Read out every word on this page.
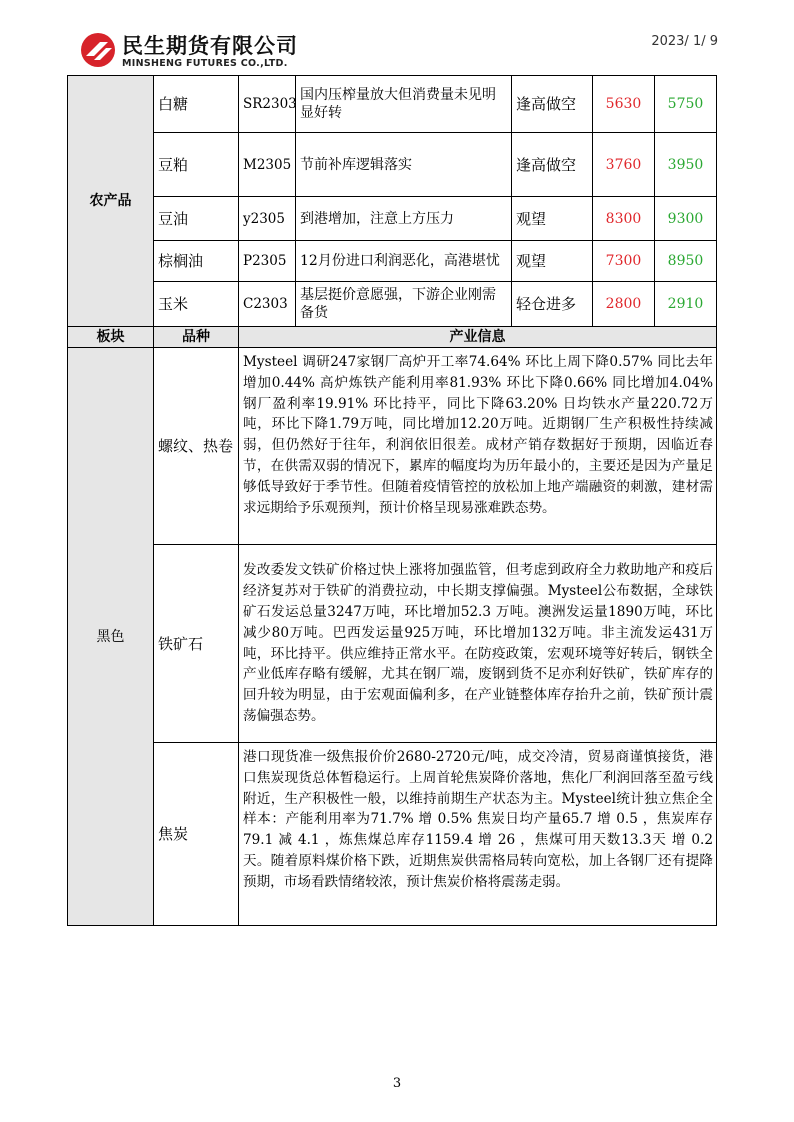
民生期货有限公司
MINSHENG FUTURES CO.,LTD.
2023/ 1/ 9
农产品	白糖	SR2303	国内压榨量放大但消费量未见明显好转	逢高做空	5630	5750
	豆粕	M2305	节前补库逻辑落实	逢高做空	3760	3950
	豆油	y2305	到港增加，注意上方压力	观望	8300	9300
	棕榈油	P2305	12月份进口利润恶化，高港堪忧	观望	7300	8950
	玉米	C2303	基层挺价意愿强，下游企业刚需备货	轻仓进多	2800	2910
板块	品种	产业信息				
黑色	螺纹、热卷	Mysteel 调研247家钢厂高炉开工率74.64% 环比上周下降0.57% 同比去年增加0.44% 高炉炼铁产能利用率81.93% 环比下降0.66% 同比增加4.04% 钢厂盈利率19.91% 环比持平，同比下降63.20% 日均铁水产量220.72万吨，环比下降1.79万吨，同比增加12.20万吨。近期钢厂生产积极性持续减弱，但仍然好于往年，利润依旧很差。成材产销存数据好于预期，因临近春节，在供需双弱的情况下，累库的幅度均为历年最小的，主要还是因为产量足够低导致好于季节性。但随着疫情管控的放松加上地产端融资的刺激，建材需求远期给予乐观预判，预计价格呈现易涨难跌态势。				
	铁矿石	发改委发文铁矿价格过快上涨将加强监管，但考虑到政府全力救助地产和疫后经济复苏对于铁矿的消费拉动，中长期支撑偏强。Mysteel公布数据，全球铁矿石发运总量3247万吨，环比增加52.3 万吨。澳洲发运量1890万吨，环比减少80万吨。巴西发运量925万吨，环比增加132万吨。非主流发运431万吨，环比持平。供应维持正常水平。在防疫政策，宏观环境等好转后，钢铁全产业低库存略有缓解，尤其在钢厂端，废钢到货不足亦利好铁矿，铁矿库存的回升较为明显，由于宏观面偏利多，在产业链整体库存抬升之前，铁矿预计震荡偏强态势。				
	焦炭	港口现货准一级焦报价价2680-2720元/吨，成交冷清，贸易商谨慎接货，港口焦炭现货总体暂稳运行。上周首轮焦炭降价落地，焦化厂利润回落至盈亏线附近，生产积极性一般，以维持前期生产状态为主。Mysteel统计独立焦企全样本：产能利用率为71.7% 增 0.5% 焦炭日均产量65.7 增 0.5 ，焦炭库存79.1 减 4.1 ，炼焦煤总库存1159.4 增 26 ，焦煤可用天数13.3天 增 0.2 天。随着原料煤价格下跌，近期焦炭供需格局转向宽松，加上各钢厂还有提降预期，市场看跌情绪较浓，预计焦炭价格将震荡走弱。				
3
